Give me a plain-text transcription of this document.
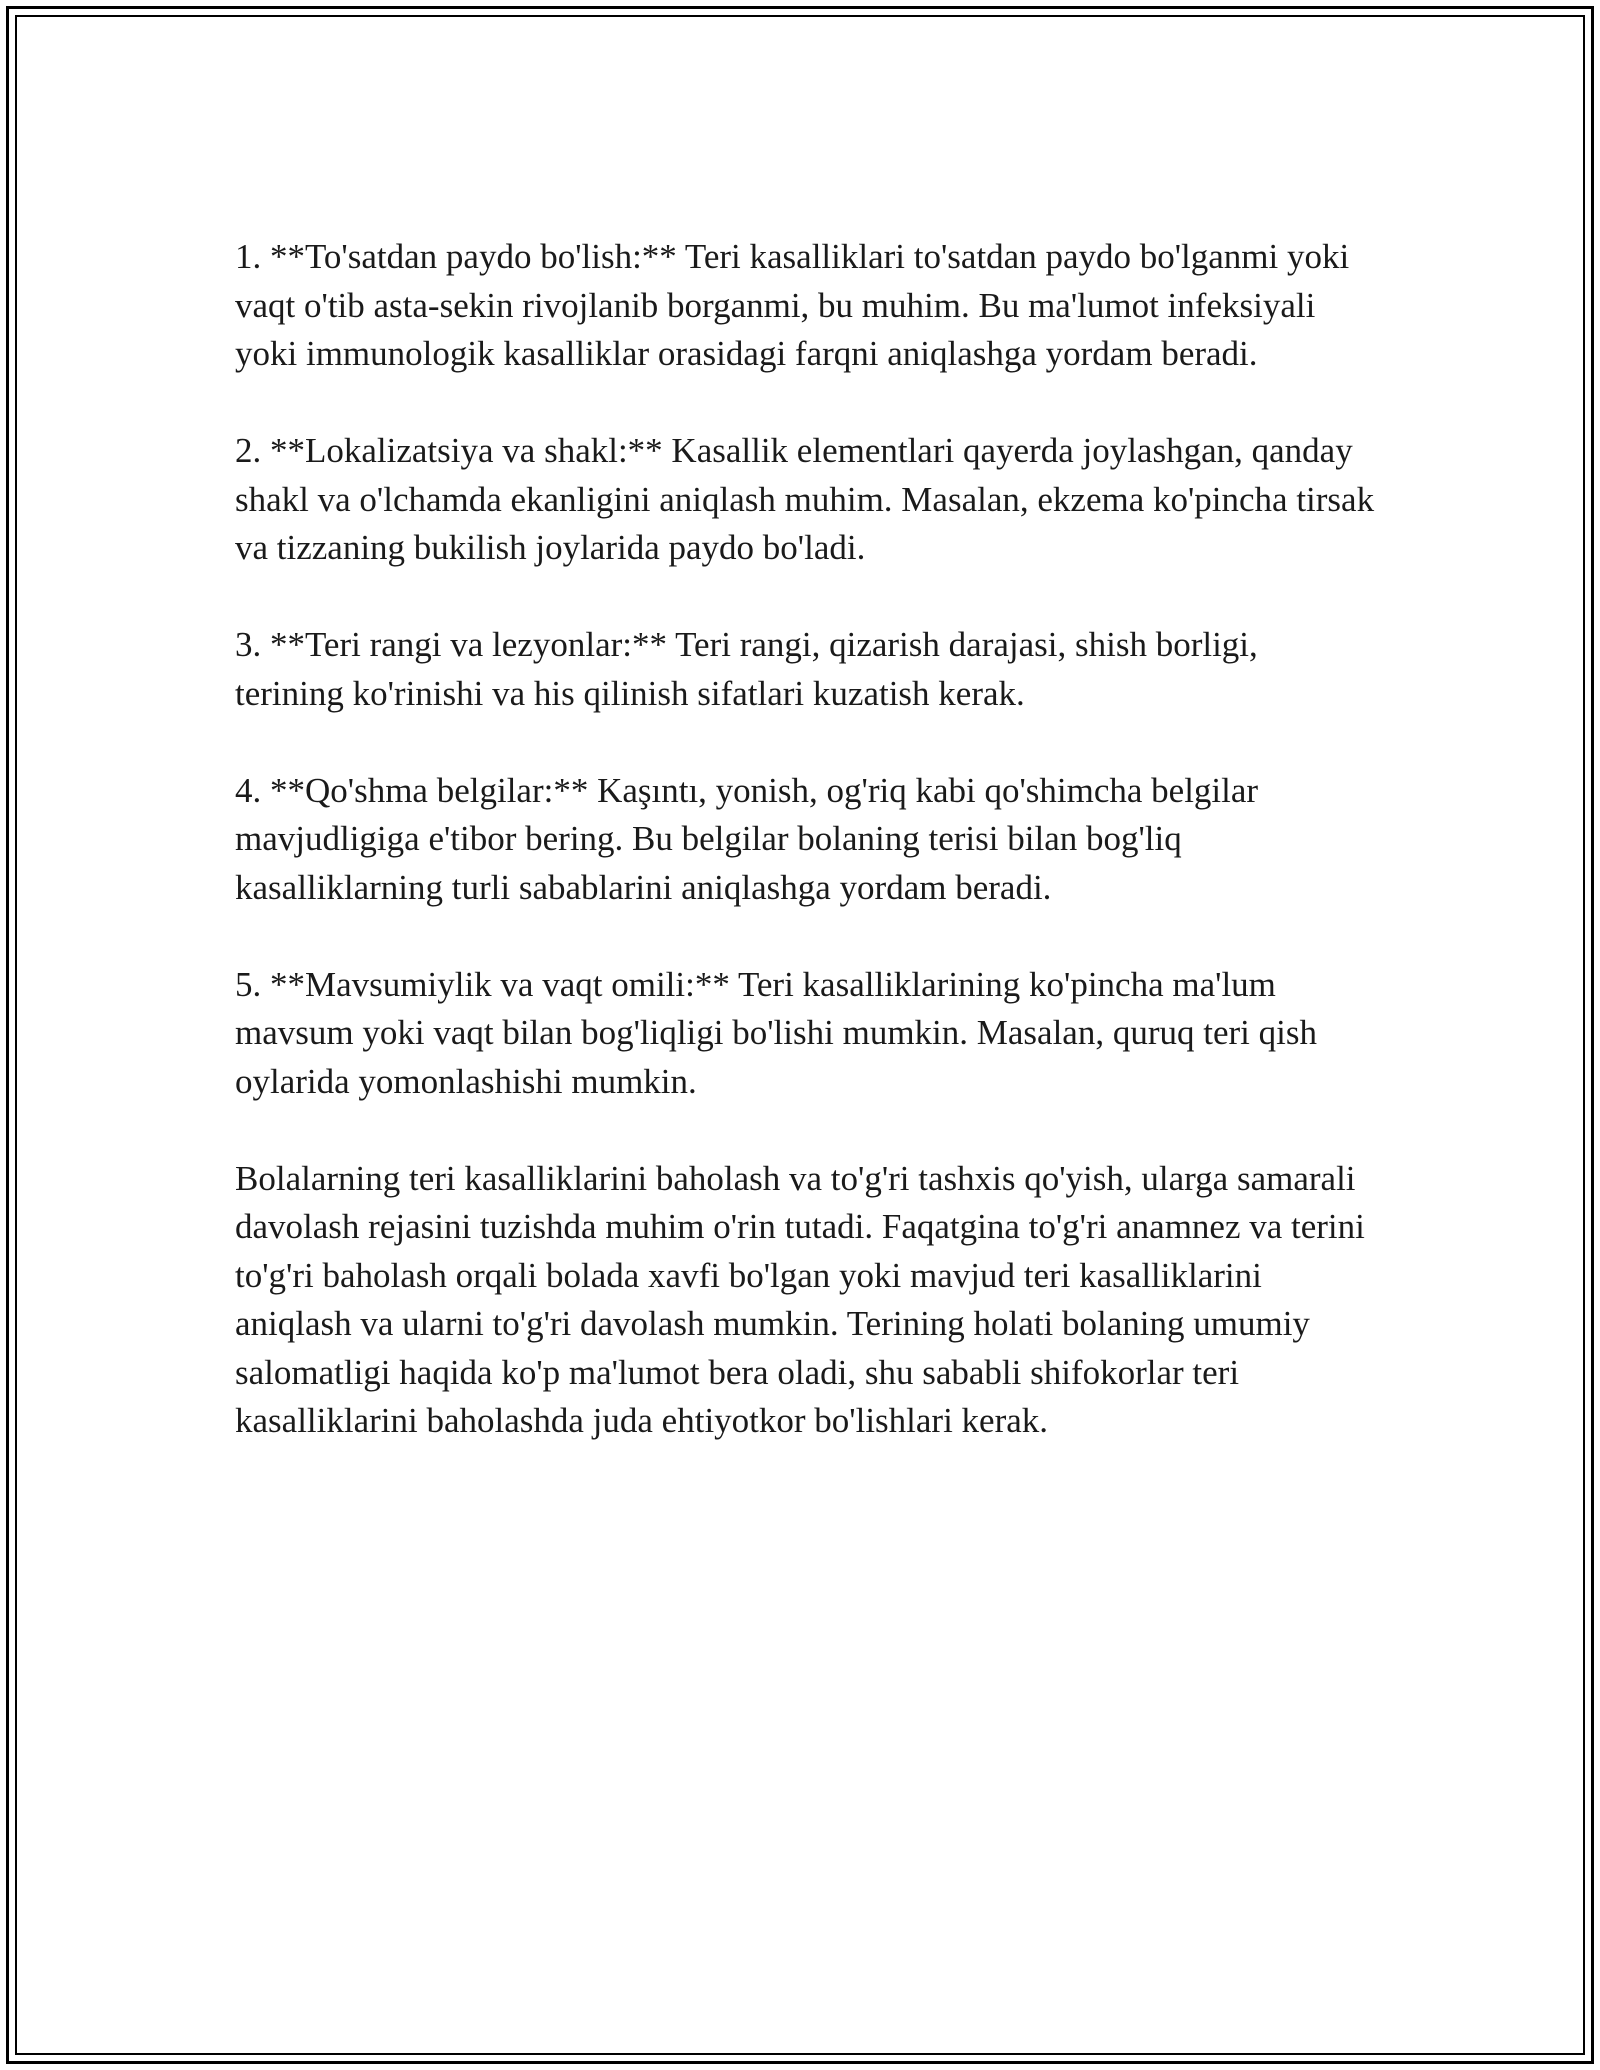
1. **To'satdan paydo bo'lish:** Teri kasalliklari to'satdan paydo bo'lganmi yoki vaqt o'tib asta-sekin rivojlanib borganmi, bu muhim. Bu ma'lumot infeksiyali yoki immunologik kasalliklar orasidagi farqni aniqlashga yordam beradi.

2. **Lokalizatsiya va shakl:** Kasallik elementlari qayerda joylashgan, qanday shakl va o'lchamda ekanligini aniqlash muhim. Masalan, ekzema ko'pincha tirsak va tizzaning bukilish joylarida paydo bo'ladi.

3. **Teri rangi va lezyonlar:** Teri rangi, qizarish darajasi, shish borligi, terining ko'rinishi va his qilinish sifatlari kuzatish kerak.

4. **Qo'shma belgilar:** Kaşıntı, yonish, og'riq kabi qo'shimcha belgilar mavjudligiga e'tibor bering. Bu belgilar bolaning terisi bilan bog'liq kasalliklarning turli sabablarini aniqlashga yordam beradi.

5. **Mavsumiylik va vaqt omili:** Teri kasalliklarining ko'pincha ma'lum mavsum yoki vaqt bilan bog'liqligi bo'lishi mumkin. Masalan, quruq teri qish oylarida yomonlashishi mumkin.

Bolalarning teri kasalliklarini baholash va to'g'ri tashxis qo'yish, ularga samarali davolash rejasini tuzishda muhim o'rin tutadi. Faqatgina to'g'ri anamnez va terini to'g'ri baholash orqali bolada xavfi bo'lgan yoki mavjud teri kasalliklarini aniqlash va ularni to'g'ri davolash mumkin. Terining holati bolaning umumiy salomatligi haqida ko'p ma'lumot bera oladi, shu sababli shifokorlar teri kasalliklarini baholashda juda ehtiyotkor bo'lishlari kerak.
